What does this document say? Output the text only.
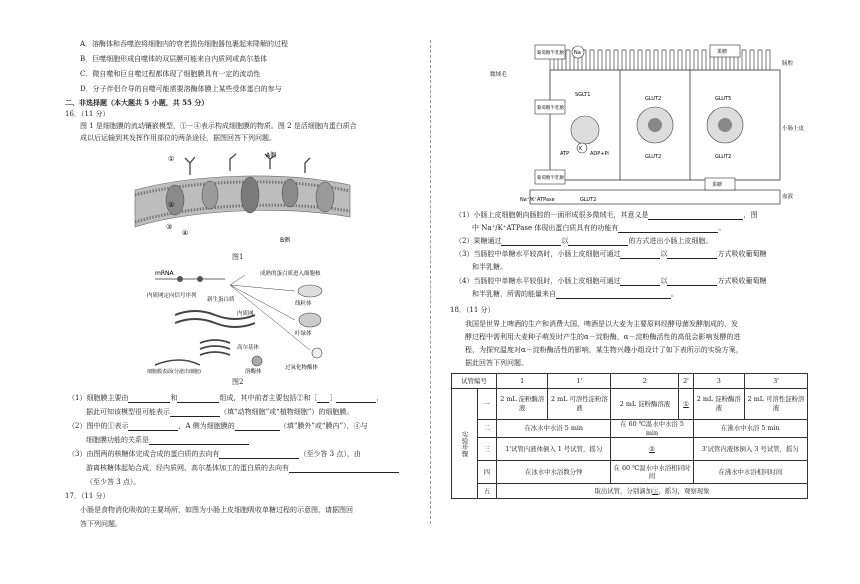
A．溶酶体和吞噬泡将细胞内的衰老损伤细胞器包裹起来降解的过程
B．巨噬细胞形成自噬体的双层膜可能来自内质网或高尔基体
C．微自噬和巨自噬过程都体现了细胞膜具有一定的流动性
D．分子伴侣介导的自噬可能需要溶酶体膜上某些受体蛋白的参与
二、非选择题（本大题共 5 小题，共 55 分）
16．（11 分）
图 1 是细胞膜的流动镶嵌模型，①－④表示构成细胞膜的物质。图 2 是活细胞内蛋白质合
成以后运输到其发挥作用部位的两条途径，据图回答下列问题。
A侧
B侧
①
②
③
④
图1
mRNA	成熟的蛋白质进入细胞核
内质网定向信号序列
新生蛋白质
内质网
高尔基体
线粒体
叶绿体
过氧化物酶体
溶酶体
细胞膜表面(分泌出细胞)
图2
（1）细胞膜主要由	和	组成，其中前者主要包括②和［ ］	，
据此可知该模型很可能表示	（填“动物细胞”或“植物细胞”）的细胞膜。
（2）图中的①表示	，A 侧为细胞膜的	（填“膜外”或“膜内”），④与
细胞膜功能的关系是
（3）由图两的核糖体完成合成的蛋白质的去向有	（至少答 3 点），由
游离核糖体起始合成，经内质网、高尔基体加工的蛋白质的去向有
（至少答 3 点）。
17．（11 分）
小肠是食物消化吸收的主要场所，如图为小肠上皮细胞吸收单糖过程的示意图，请据图回
答下列问题。
葡萄糖半乳糖 Na	果糖
肠腔
微绒毛
小肠上皮
血液
葡萄糖半乳糖
SGLT1
GLUT2	GLUT5
GLUT2	GLUT2
ATP	ADP+Pi
K
葡萄糖半乳糖
果糖
Na⁺/K⁺ATPase	GLUT2
（1）小肠上皮细胞朝向肠腔的一面形成很多微绒毛，其意义是	，图
中 Na⁺/K⁺ATPase 体现出蛋白质具有的功能有	。
（2）果糖通过	以	的方式进出小肠上皮细胞。
（3）当肠腔中单糖水平较高时，小肠上皮细胞可通过	以	方式吸收葡萄糖
和半乳糖。
（4）当肠腔中单糖水平较低时，小肠上皮细胞可通过	以	方式吸收葡萄糖
和半乳糖，所需的能量来自	。
18．（11 分）
我国是世界上啤酒的生产和消费大国，啤酒是以大麦为主要原料经酵母菌发酵制成的，发
酵过程中需利用大麦种子萌发时产生的α－淀粉酶，α－淀粉酶活性的高低会影响发酵的进
程，为探究温度对α－淀粉酶活性的影响，某生物兴趣小组设计了如下表所示的实验方案，
据此回答下列问题。
试管编号		1	1'	2	2'	3	3'
实验步骤	一	2 mL 淀粉酶溶液	2 mL 可溶性淀粉溶液	2 mL 淀粉酶溶液	①	2 mL 淀粉酶溶液	2 mL 可溶性淀粉溶液
	二	在冰水中水浴 5 min		在 60 ℃温水中水浴 5 min		在沸水中水浴 5 min	
	三	1'试管内液体倒入 1 号试管，摇匀		②		3'试管内液体倒入 3 号试管，摇匀	
	四	在冰水中水浴数分钟		在 60 ℃温水中水浴相同时间		在沸水中水浴相同时间	
	五	取出试管，分别滴加③，摇匀，观察现象					
